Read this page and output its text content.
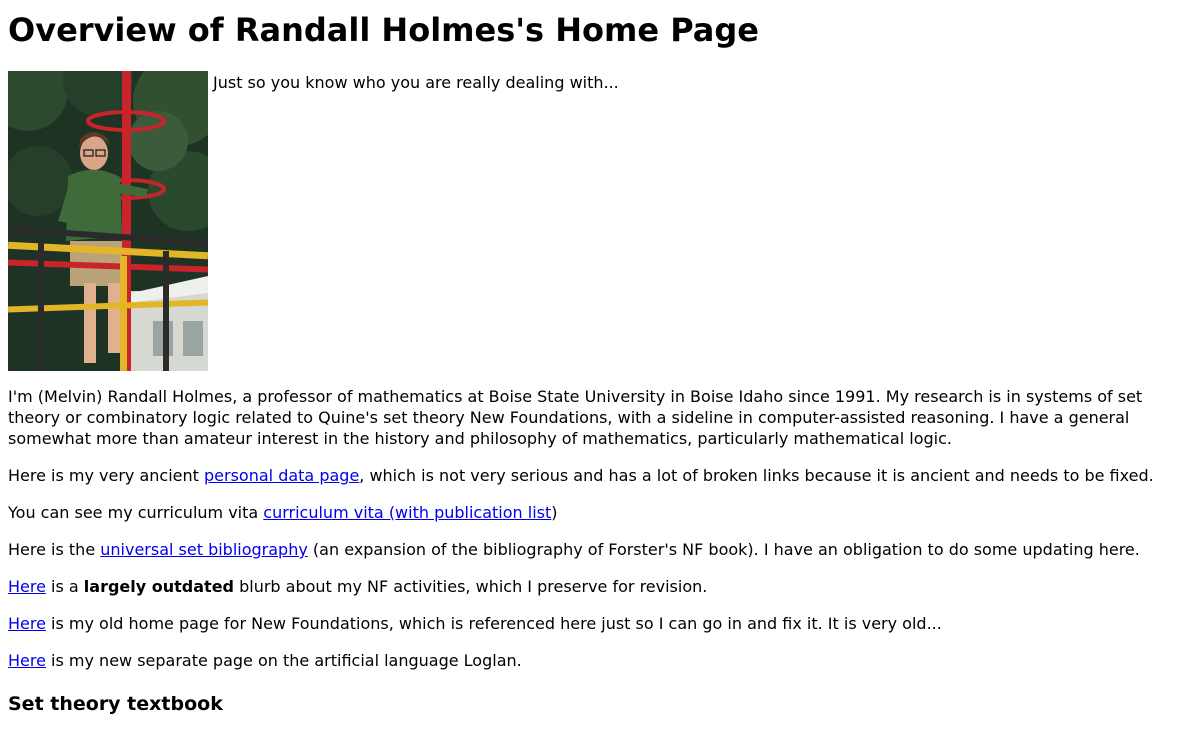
Overview of Randall Holmes's Home Page
Just so you know who you are really dealing with...

I'm (Melvin) Randall Holmes, a professor of mathematics at Boise State University in Boise Idaho since 1991. My research is in systems of set theory or combinatory logic related to Quine's set theory New Foundations, with a sideline in computer-assisted reasoning. I have a general somewhat more than amateur interest in the history and philosophy of mathematics, particularly mathematical logic.

Here is my very ancient personal data page, which is not very serious and has a lot of broken links because it is ancient and needs to be fixed.

You can see my curriculum vita curriculum vita (with publication list)

Here is the universal set bibliography (an expansion of the bibliography of Forster's NF book). I have an obligation to do some updating here.

Here is a largely outdated blurb about my NF activities, which I preserve for revision.

Here is my old home page for New Foundations, which is referenced here just so I can go in and fix it. It is very old...

Here is my new separate page on the artificial language Loglan.

Set theory textbook
